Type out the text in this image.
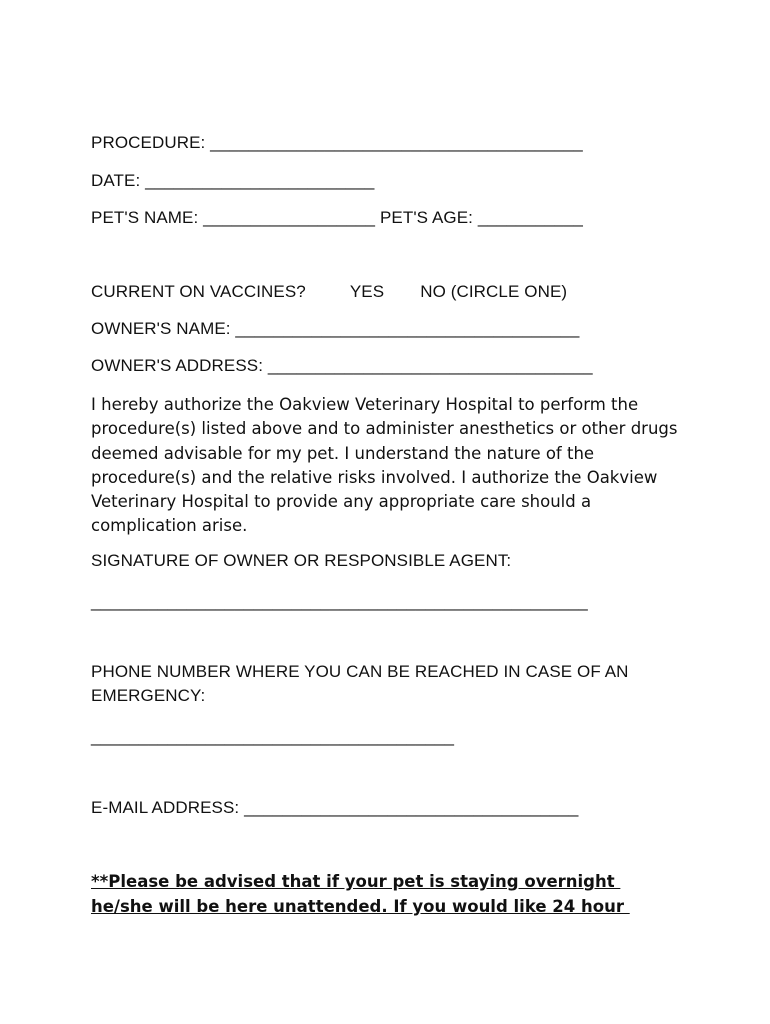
PROCEDURE: _______________________________________
DATE: ________________________
PET'S NAME: __________________ PET'S AGE: ___________
CURRENT ON VACCINES?	YES NO (CIRCLE ONE)
OWNER'S NAME: ____________________________________
OWNER'S ADDRESS: __________________________________
I hereby authorize the Oakview Veterinary Hospital to perform the procedure(s) listed above and to administer anesthetics or other drugs deemed advisable for my pet. I understand the nature of the procedure(s) and the relative risks involved. I authorize the Oakview Veterinary Hospital to provide any appropriate care should a complication arise.
SIGNATURE OF OWNER OR RESPONSIBLE AGENT:
____________________________________________________
PHONE NUMBER WHERE YOU CAN BE REACHED IN CASE OF AN
EMERGENCY:
______________________________________
E-MAIL ADDRESS: ___________________________________
**Please be advised that if your pet is staying overnight
he/she will be here unattended. If you would like 24 hour
